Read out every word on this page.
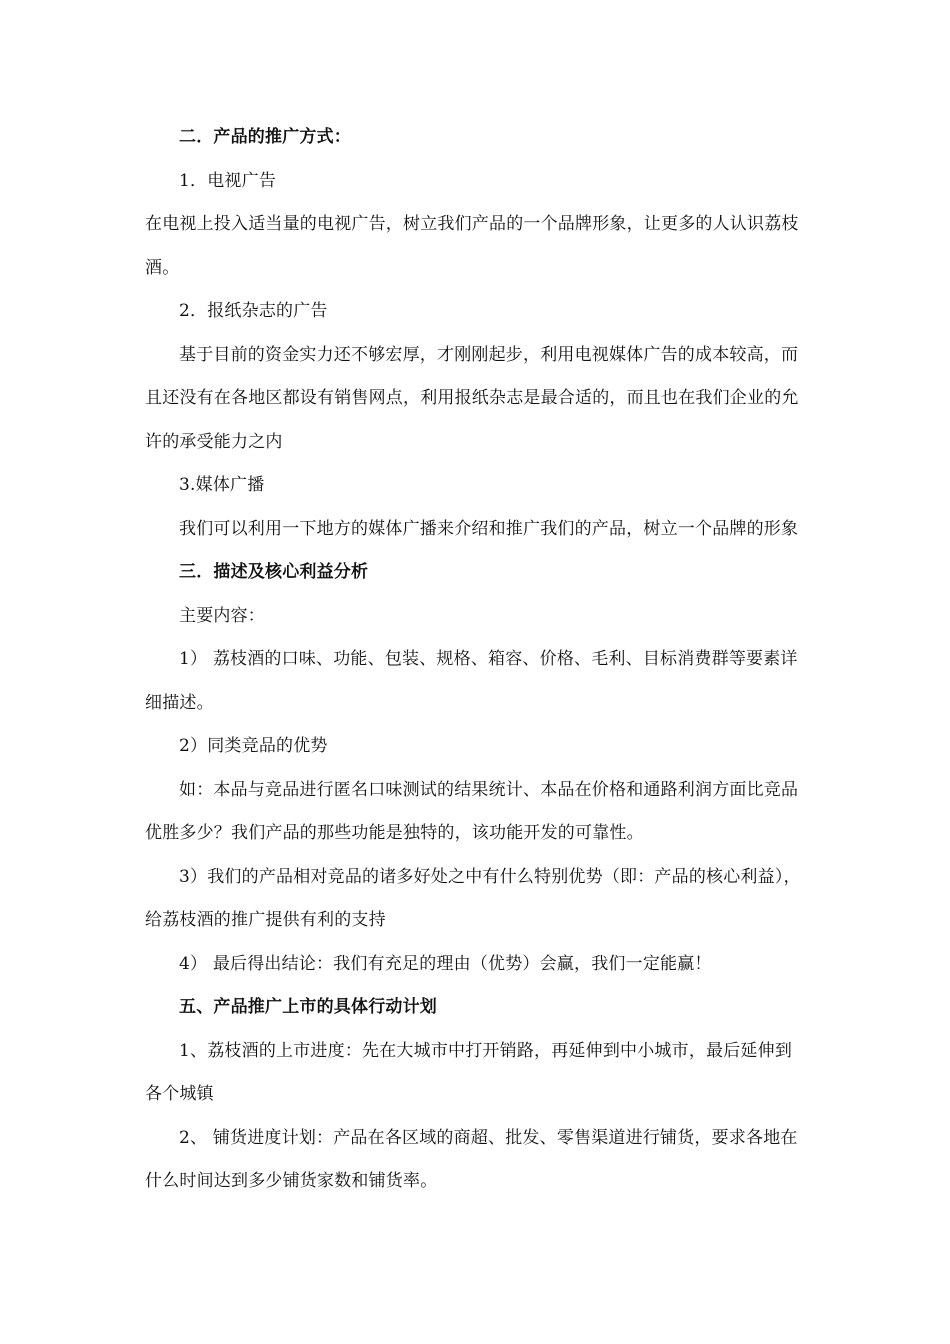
二．产品的推广方式：

1．电视广告

在电视上投入适当量的电视广告，树立我们产品的一个品牌形象，让更多的人认识荔枝酒。

2．报纸杂志的广告

基于目前的资金实力还不够宏厚，才刚刚起步，利用电视媒体广告的成本较高，而且还没有在各地区都设有销售网点，利用报纸杂志是最合适的，而且也在我们企业的允许的承受能力之内

3.媒体广播

我们可以利用一下地方的媒体广播来介绍和推广我们的产品，树立一个品牌的形象

三．描述及核心利益分析

主要内容：

1） 荔枝酒的口味、功能、包装、规格、箱容、价格、毛利、目标消费群等要素详细描述。

2）同类竞品的优势

如：本品与竞品进行匿名口味测试的结果统计、本品在价格和通路利润方面比竞品优胜多少？我们产品的那些功能是独特的，该功能开发的可靠性。

3）我们的产品相对竞品的诸多好处之中有什么特别优势（即：产品的核心利益），给荔枝酒的推广提供有利的支持

4） 最后得出结论：我们有充足的理由（优势）会赢，我们一定能赢！

五、产品推广上市的具体行动计划

1、荔枝酒的上市进度：先在大城市中打开销路，再延伸到中小城市，最后延伸到各个城镇

2、 铺货进度计划：产品在各区域的商超、批发、零售渠道进行铺货，要求各地在什么时间达到多少铺货家数和铺货率。
